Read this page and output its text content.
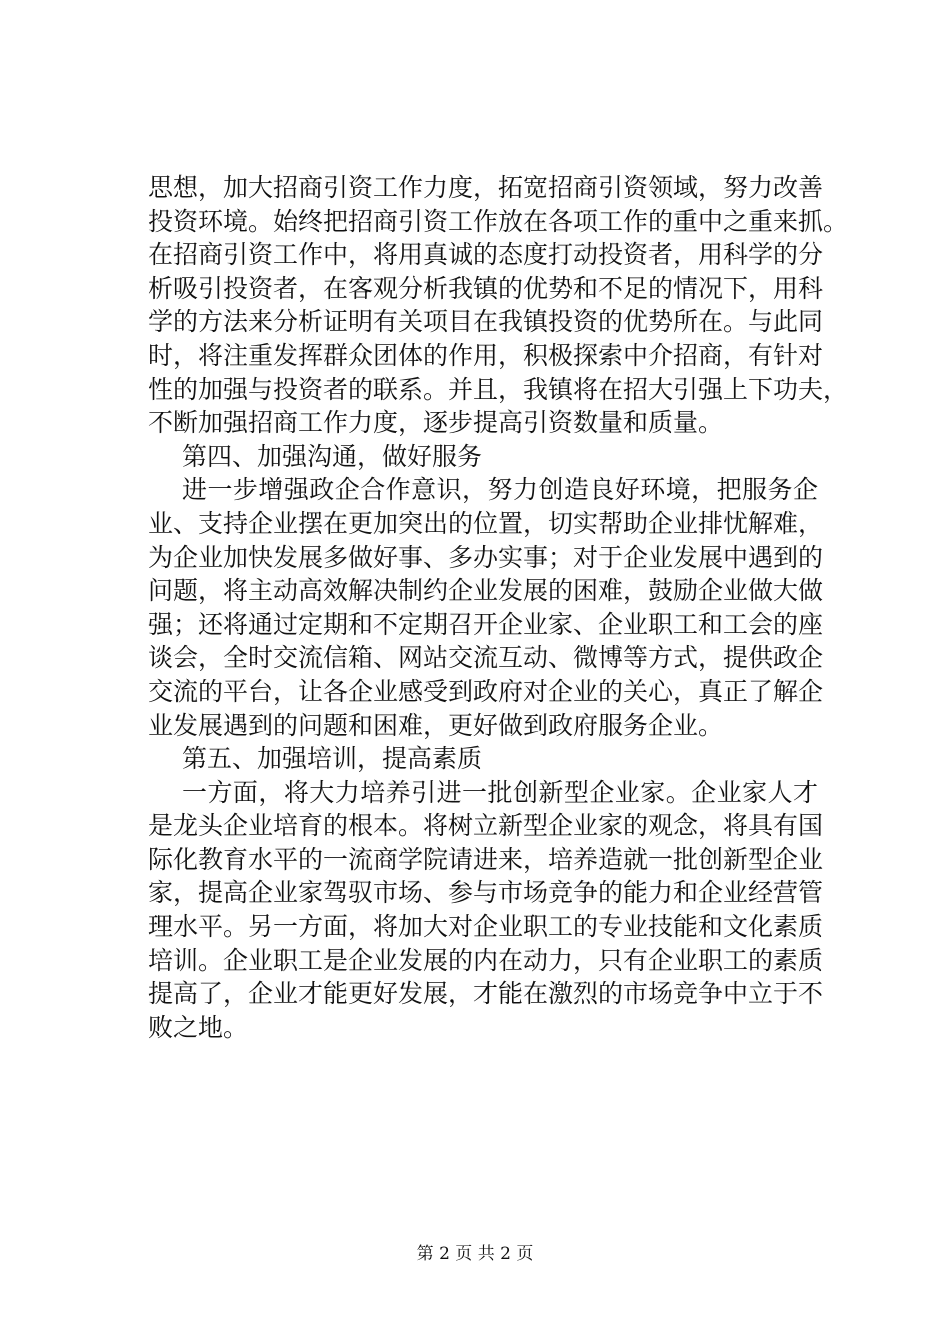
思想，加大招商引资工作力度，拓宽招商引资领域，努力改善
投资环境。始终把招商引资工作放在各项工作的重中之重来抓。
在招商引资工作中，将用真诚的态度打动投资者，用科学的分
析吸引投资者，在客观分析我镇的优势和不足的情况下，用科
学的方法来分析证明有关项目在我镇投资的优势所在。与此同
时，将注重发挥群众团体的作用，积极探索中介招商，有针对
性的加强与投资者的联系。并且，我镇将在招大引强上下功夫，
不断加强招商工作力度，逐步提高引资数量和质量。
第四、加强沟通，做好服务
进一步增强政企合作意识，努力创造良好环境，把服务企
业、支持企业摆在更加突出的位置，切实帮助企业排忧解难，
为企业加快发展多做好事、多办实事；对于企业发展中遇到的
问题，将主动高效解决制约企业发展的困难，鼓励企业做大做
强；还将通过定期和不定期召开企业家、企业职工和工会的座
谈会，全时交流信箱、网站交流互动、微博等方式，提供政企
交流的平台，让各企业感受到政府对企业的关心，真正了解企
业发展遇到的问题和困难，更好做到政府服务企业。
第五、加强培训，提高素质
一方面，将大力培养引进一批创新型企业家。企业家人才
是龙头企业培育的根本。将树立新型企业家的观念，将具有国
际化教育水平的一流商学院请进来，培养造就一批创新型企业
家，提高企业家驾驭市场、参与市场竞争的能力和企业经营管
理水平。另一方面，将加大对企业职工的专业技能和文化素质
培训。企业职工是企业发展的内在动力，只有企业职工的素质
提高了，企业才能更好发展，才能在激烈的市场竞争中立于不
败之地。
第 2 页 共 2 页
